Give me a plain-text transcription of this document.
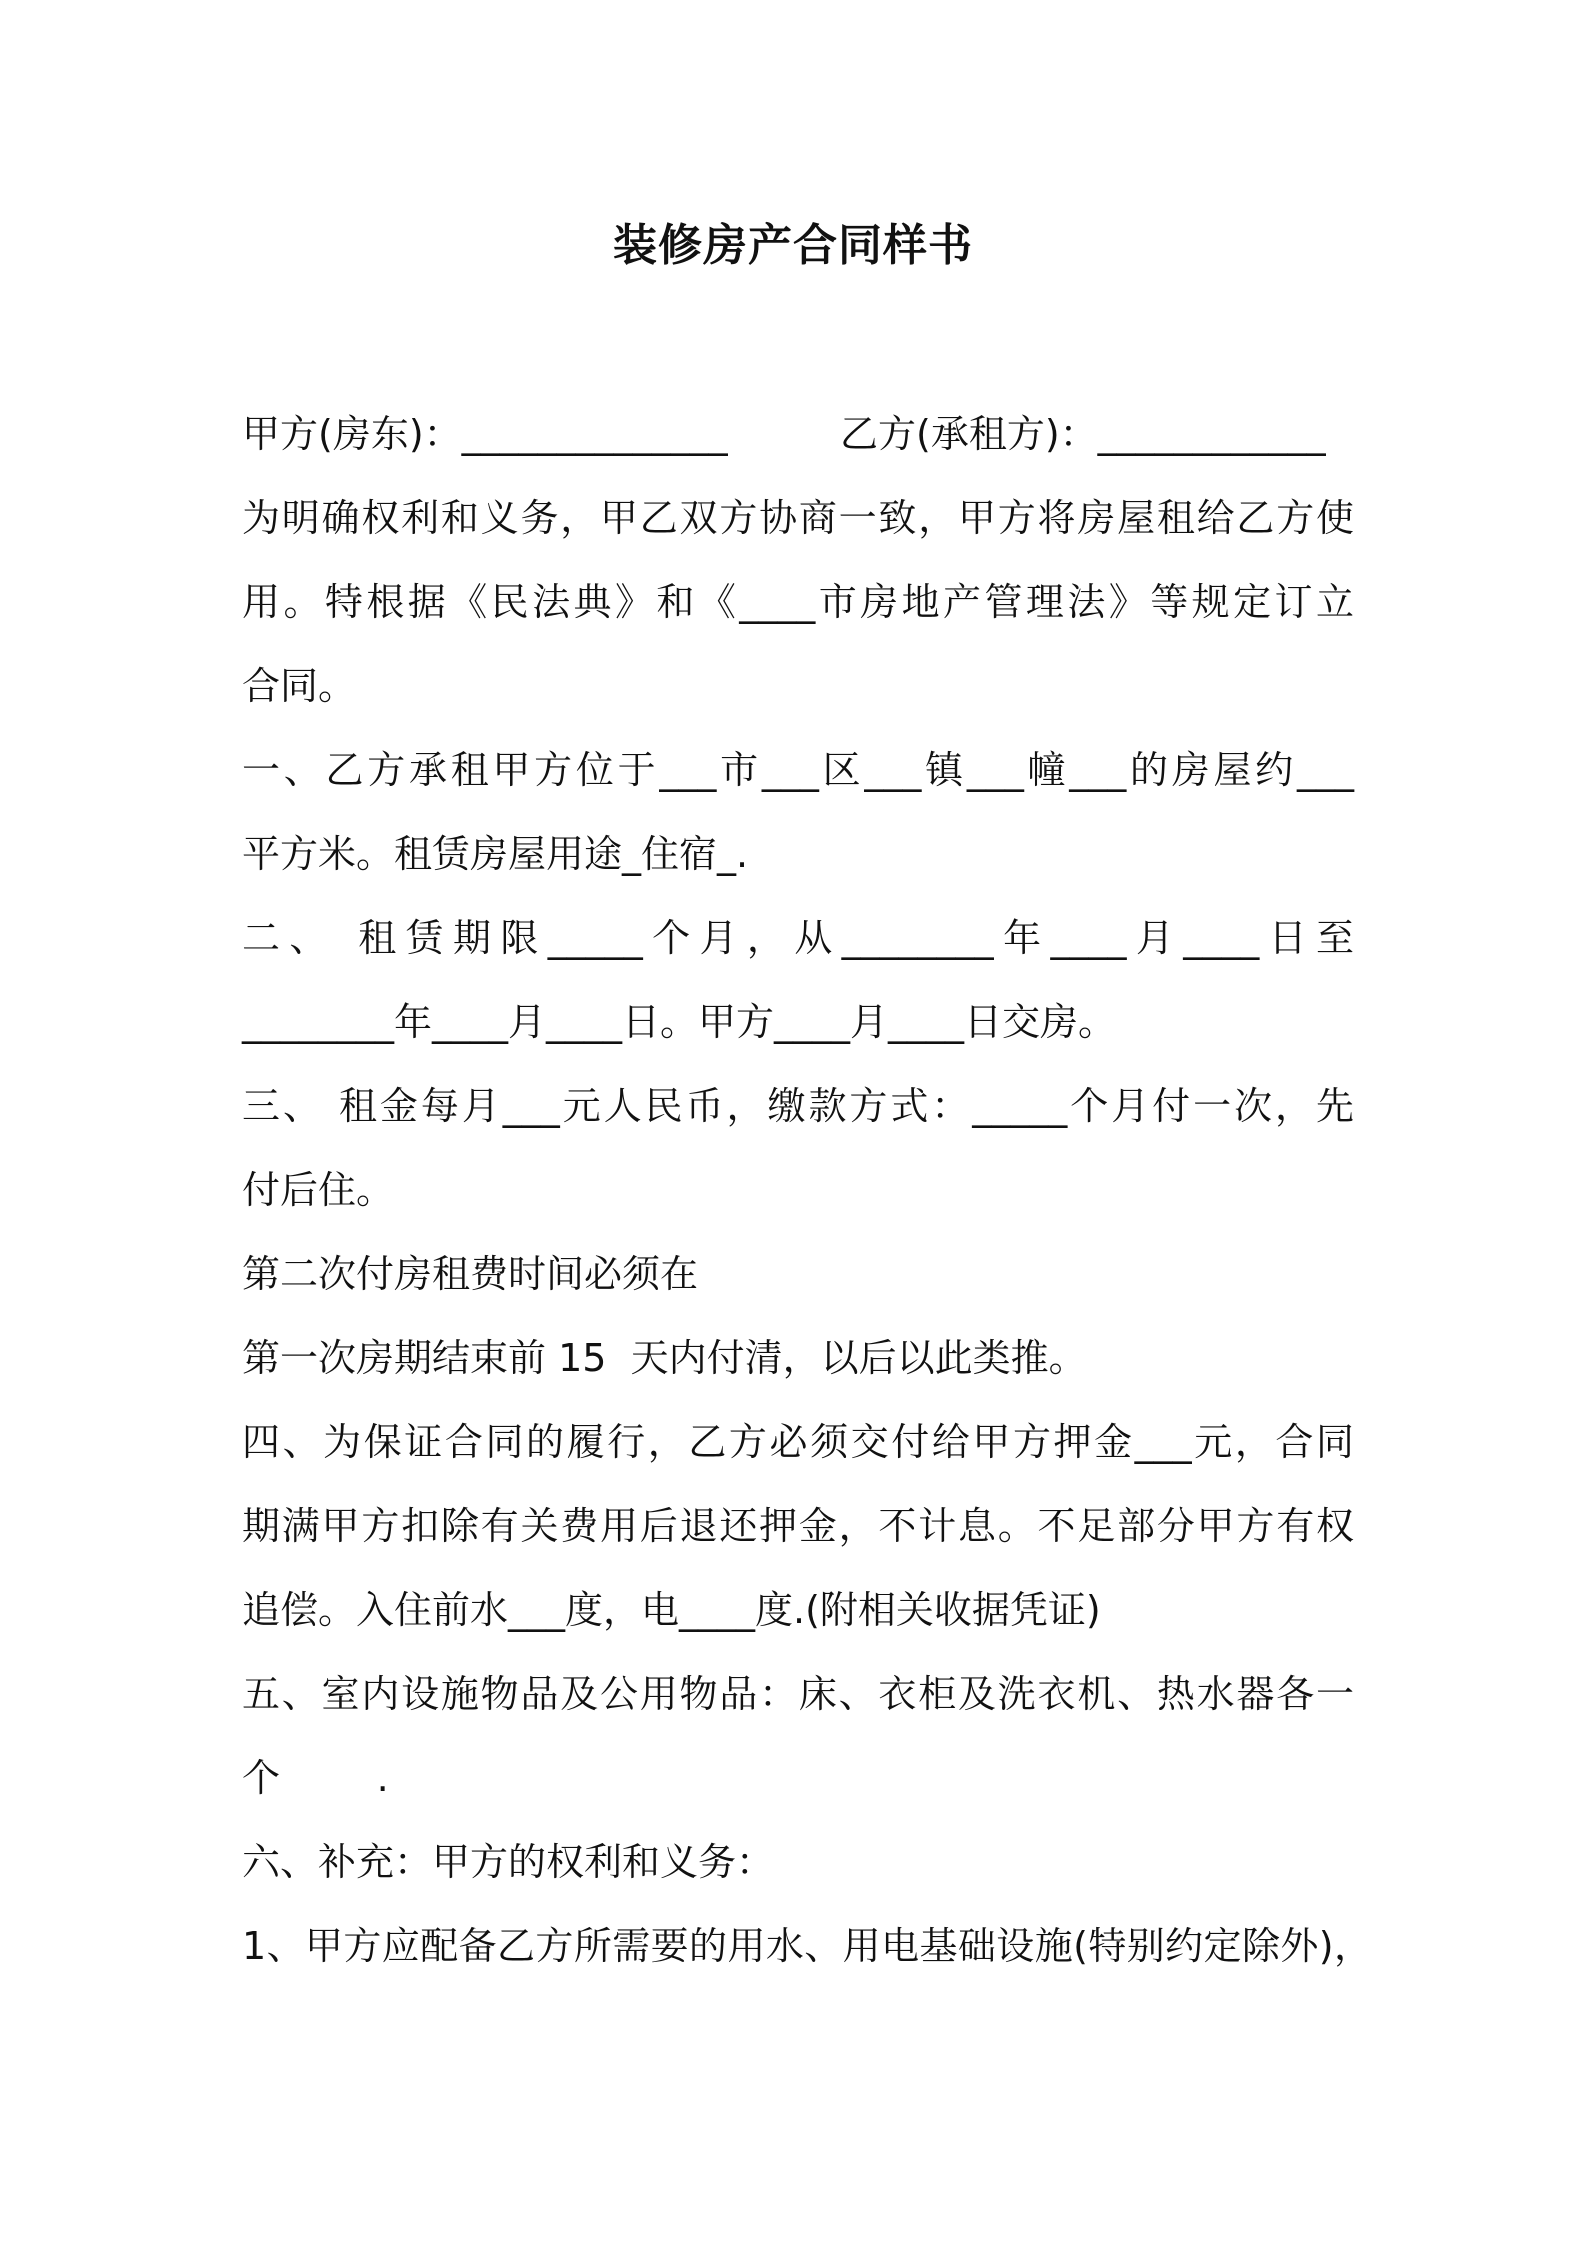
装修房产合同样书
甲方(房东)：______________	乙方(承租方)：____________
为明确权利和义务，甲乙双方协商一致，甲方将房屋租给乙方使
用。特根据《民法典》和《____市房地产管理法》等规定订立
合同。
一、乙方承租甲方位于___市___区___镇___幢___的房屋约___
平方米。租赁房屋用途_住宿_.
二、 租赁期限_____个月，从________年____月____日至
________年____月____日。甲方____月____日交房。
三、 租金每月___元人民币，缴款方式：_____个月付一次，先
付后住。
第二次付房租费时间必须在
第一次房期结束前 15  天内付清，以后以此类推。
四、为保证合同的履行，乙方必须交付给甲方押金___元，合同
期满甲方扣除有关费用后退还押金，不计息。不足部分甲方有权
追偿。入住前水___度，电____度.(附相关收据凭证)
五、室内设施物品及公用物品：床、衣柜及洗衣机、热水器各一
个        .
六、补充：甲方的权利和义务：
1、甲方应配备乙方所需要的用水、用电基础设施(特别约定除外)，
